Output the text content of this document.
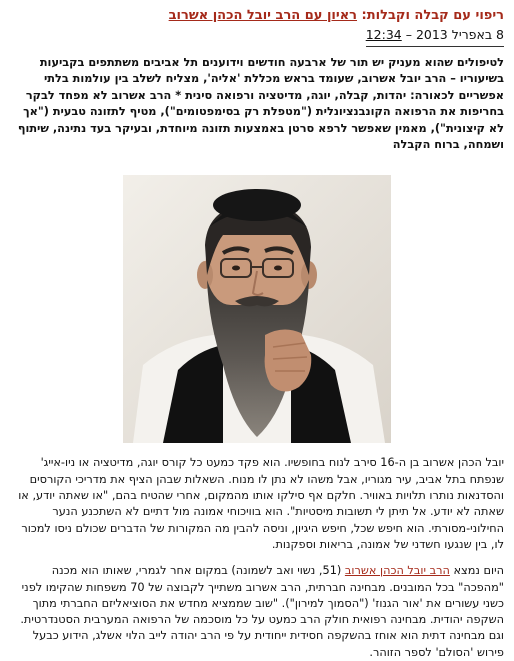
ריפוי עם קבלה וקבלות: ראיון עם הרב יובל הכהן אשרוב
8 באפריל 2013 – 12:34
לטיפולים שהוא מעניק יש תור של ארבעה חודשים וידוענים תל אביבים משתתפים בקביעות בשיעוריו – הרב יובל אשרוב, שעומד בראש מכללת 'אליה', מצליח לשלב בין עולמות בלתי אפשריים לכאורה: יהדות, קבלה, יוגה, מדיטציה ורפואה סינית * הרב אשרוב לא מפחד לבקר בחריפות את הרפואה הקונבנציונלית ("מטפלת רק בסימפטומים"), מטיף לתזונה טבעית ("אך לא קיצונית"), מאמין שאפשר לרפא סרטן באמצעות תזונה מיוחדת, ובעיקר בעד נתינה, שיתוף ושמחה, ברוח הקבלה
יובל הכהן אשרוב בן ה-16 סירב לנוח בחופשיו. הוא פקד כמעט כל קורס יוגה, מדיטציה או ניו-אייג' שנפתח בתל אביב, עיר מגוריו, אבל משהו לא נתן לו מנוח. השאלות שבהן הציף את מדריכי הקורסים והסדנאות נותרו תלויות באוויר. חלקם אף סילקו אותו מהמקום, אחרי שהטיח בהם, "או שאתה יודע, או שאתה לא יודע. אל תיתן לי תשובות מיסטיות". הוא בוויכוחי אמונה מול דתיים לא השתכנע הנער החילוני-מסורתי. הוא חיפש שכל, חיפש היגיון, וניסה להבין מה המקורות של הדברים שכולם ניסו למכור לו, בין שנגעו חשדני של אמונה, בריאות וספקנות.
היום נמצא הרב יובל הכהן אשרוב (51, נשוי ואב לשמונה) במקום אחר לגמרי, שאותו הוא מכנה "מהפכה" בכל המובנים. מבחינה חברתית, הרב אשרוב משתייך לקבוצה של 70 משפחות שהקימו לפני כשני עשורים את 'אור הגנוז' ("הסמוך למירון"). "שוב שממציא מחדש את הסוציאליזם החברתי מתוך השקפה יהודית. מבחינה רפואית חולק הרב כמעט על כל מוסכמה של הרפואה המערבית הסטנדרטית. וגם מבחינה דתית הוא אוחז בהשקפה חסידית ייחודית על פי הרב יהודה לייב הלוי אשלג, הידוע כבעל פירוש 'הסולם' לספר הזוהר.
